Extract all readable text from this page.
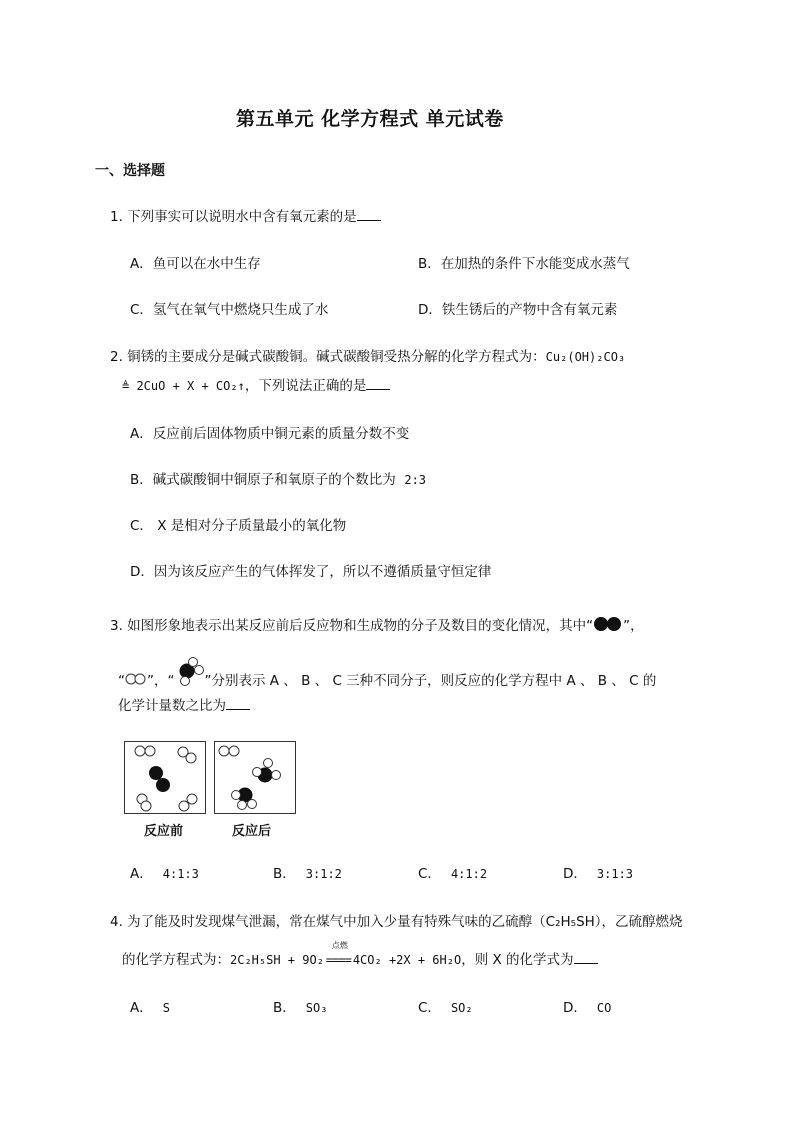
第五单元 化学方程式 单元试卷
一、选择题
1. 下列事实可以说明水中含有氧元素的是
A．鱼可以在水中生存	B．在加热的条件下水能变成水蒸气
C．氢气在氧气中燃烧只生成了水	D．铁生锈后的产物中含有氧元素
2. 铜锈的主要成分是碱式碳酸铜。碱式碳酸铜受热分解的化学方程式为：Cu₂(OH)₂CO₃
≜ 2CuO + X + CO₂↑，下列说法正确的是
A．反应前后固体物质中铜元素的质量分数不变
B．碱式碳酸铜中铜原子和氧原子的个数比为 2:3
C． X 是相对分子质量最小的氧化物
D．因为该反应产生的气体挥发了，所以不遵循质量守恒定律
3. 如图形象地表示出某反应前后反应物和生成物的分子及数目的变化情况，其中“ ”，
“ ”，“ ”分别表示 A 、 B 、 C 三种不同分子，则反应的化学方程中 A 、 B 、 C 的
化学计量数之比为
反应前	反应后
A． 4:1:3	B． 3:1:2	C． 4:1:2	D． 3:1:3
4. 为了能及时发现煤气泄漏，常在煤气中加入少量有特殊气味的乙硫醇（C₂H₅SH），乙硫醇燃烧
的化学方程式为：2C₂H₅SH + 9O₂
点燃
==== 4CO₂ +2X + 6H₂O，则 X 的化学式为
A． S	B． SO₃	C． SO₂	D． CO
